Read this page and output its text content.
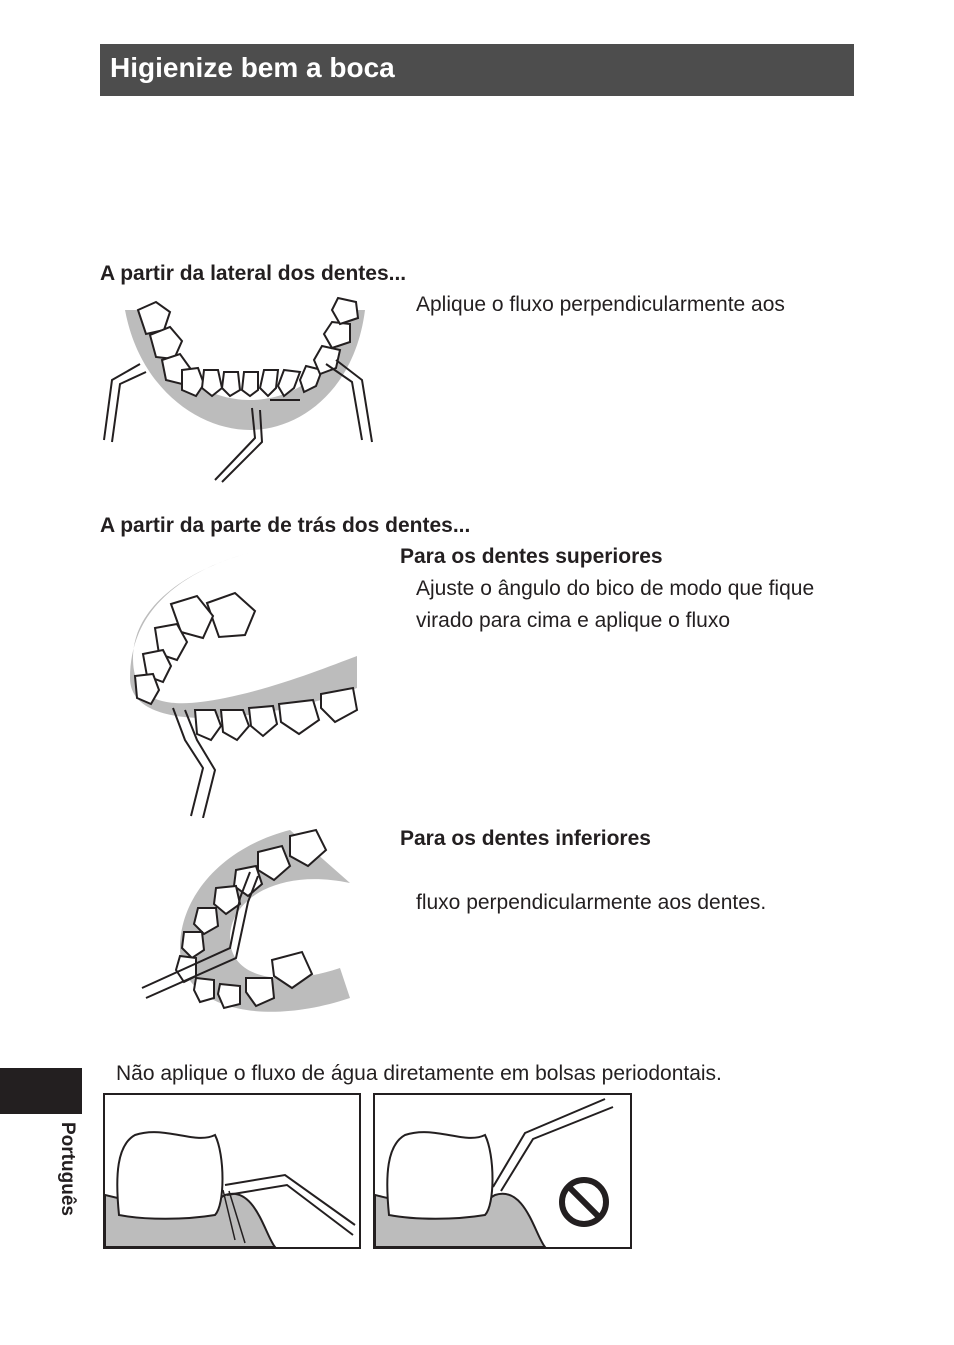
Higienize bem a boca
A partir da lateral dos dentes...
Aplique o fluxo perpendicularmente aos
A partir da parte de trás dos dentes...
Para os dentes superiores
Ajuste o ângulo do bico de modo que fique
virado para cima e aplique o fluxo
Para os dentes inferiores
fluxo perpendicularmente aos dentes.
Não aplique o fluxo de água diretamente em bolsas periodontais.
Português
